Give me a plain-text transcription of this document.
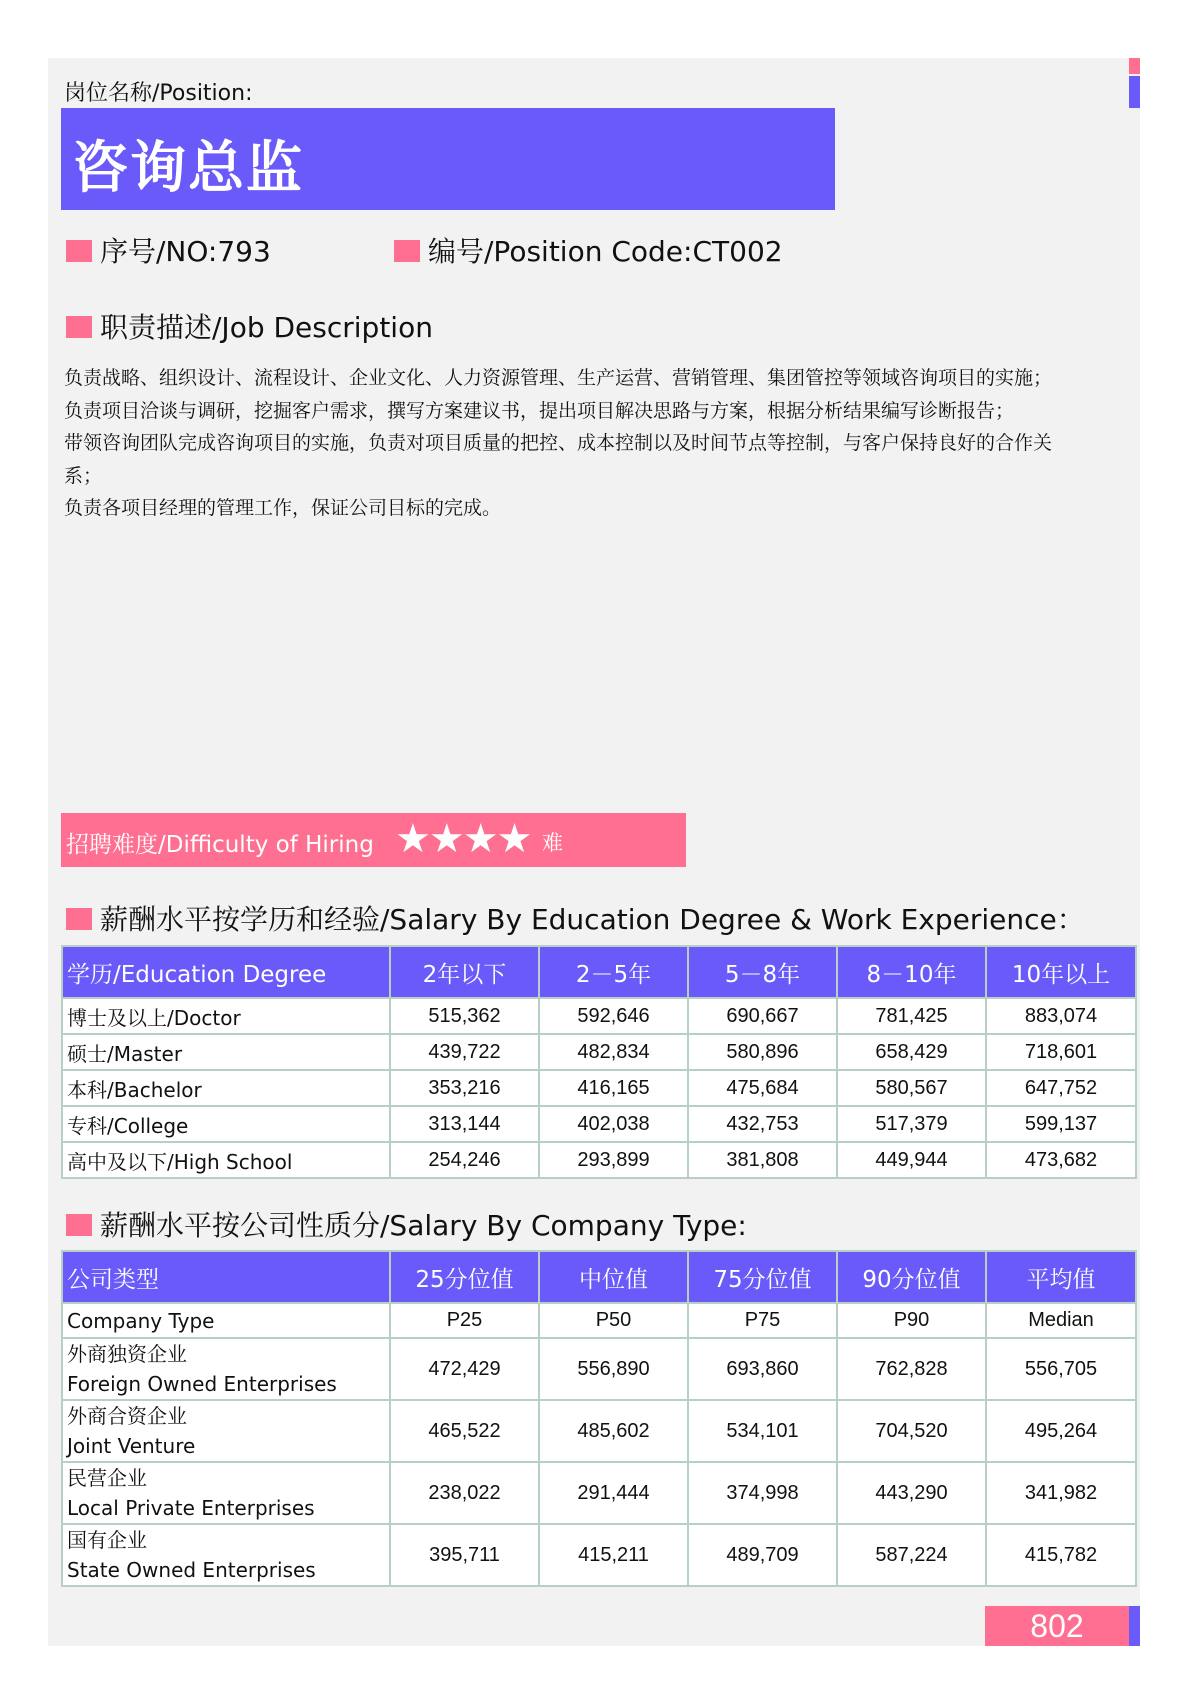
岗位名称/Position:
咨询总监
序号/NO:793	编号/Position Code:CT002
职责描述/Job Description
负责战略、组织设计、流程设计、企业文化、人力资源管理、生产运营、营销管理、集团管控等领域咨询项目的实施；
负责项目洽谈与调研，挖掘客户需求，撰写方案建议书，提出项目解决思路与方案，根据分析结果编写诊断报告；
带领咨询团队完成咨询项目的实施，负责对项目质量的把控、成本控制以及时间节点等控制，与客户保持良好的合作关
系；
负责各项目经理的管理工作，保证公司目标的完成。
招聘难度/Difficulty of Hiring ★★★★ 难
薪酬水平按学历和经验/Salary By Education Degree & Work Experience：
学历/Education Degree	2年以下	2－5年	5－8年	8－10年	10年以上
博士及以上/Doctor	515,362	592,646	690,667	781,425	883,074
硕士/Master	439,722	482,834	580,896	658,429	718,601
本科/Bachelor	353,216	416,165	475,684	580,567	647,752
专科/College	313,144	402,038	432,753	517,379	599,137
高中及以下/High School	254,246	293,899	381,808	449,944	473,682
薪酬水平按公司性质分/Salary By Company Type:
公司类型	25分位值	中位值	75分位值	90分位值	平均值
Company Type	P25	P50	P75	P90	Median

外商独资企业
Foreign Owned Enterprises	472,429	556,890	693,860	762,828	556,705

外商合资企业
Joint Venture	465,522	485,602	534,101	704,520	495,264

民营企业
Local Private Enterprises	238,022	291,444	374,998	443,290	341,982

国有企业
State Owned Enterprises	395,711	415,211	489,709	587,224	415,782
802
